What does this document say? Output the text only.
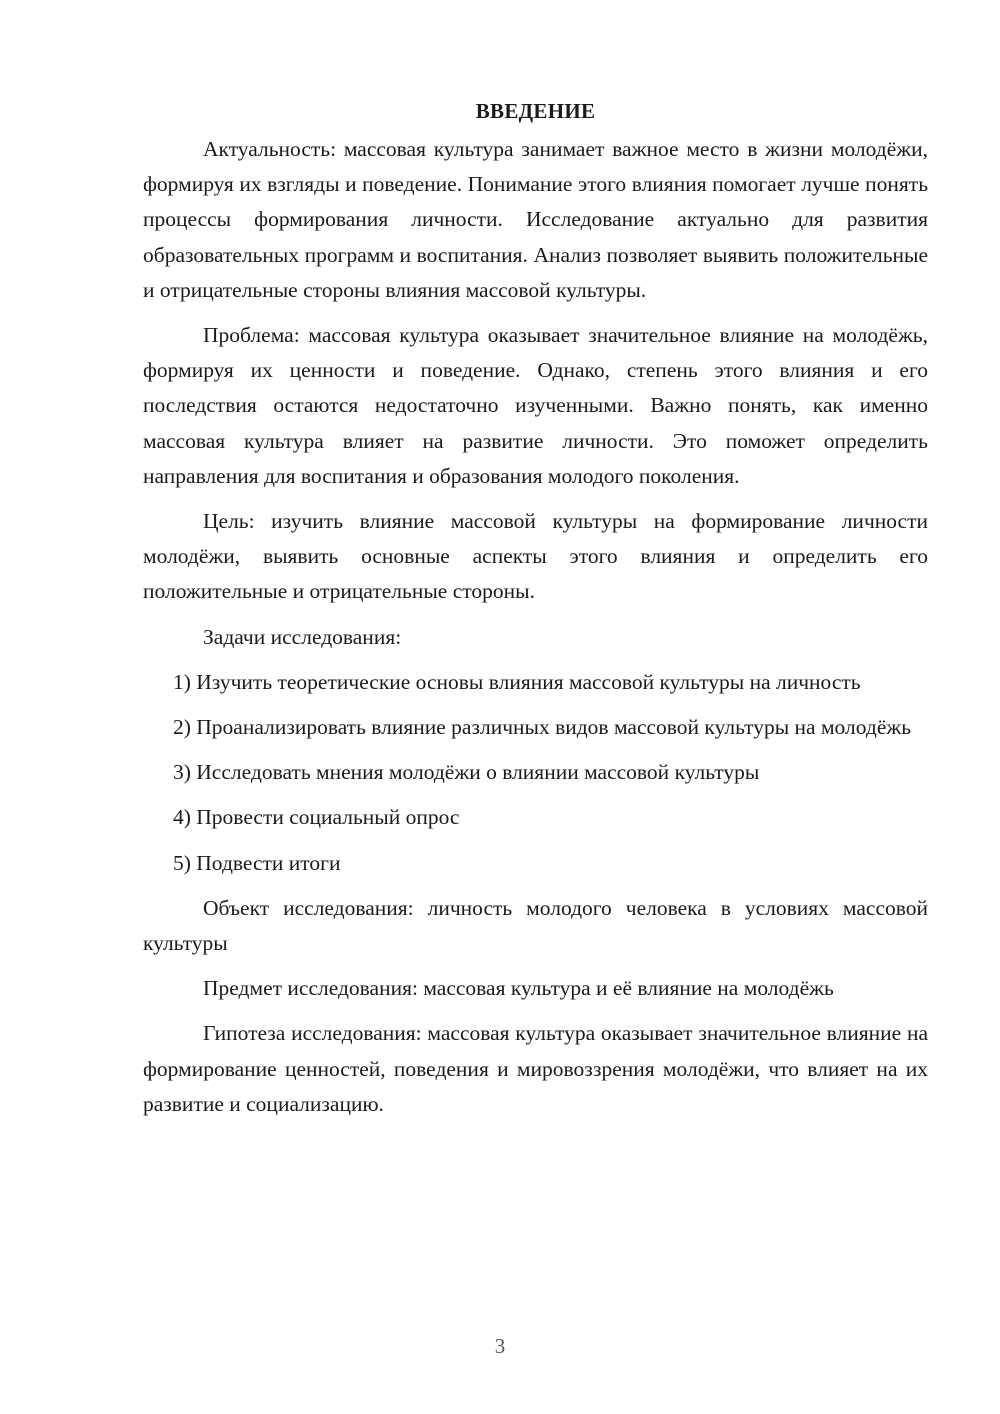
ВВЕДЕНИЕ

Актуальность: массовая культура занимает важное место в жизни молодёжи, формируя их взгляды и поведение. Понимание этого влияния помогает лучше понять процессы формирования личности. Исследование актуально для развития образовательных программ и воспитания. Анализ позволяет выявить положительные и отрицательные стороны влияния массовой культуры.

Проблема: массовая культура оказывает значительное влияние на молодёжь, формируя их ценности и поведение. Однако, степень этого влияния и его последствия остаются недостаточно изученными. Важно понять, как именно массовая культура влияет на развитие личности. Это поможет определить направления для воспитания и образования молодого поколения.

Цель: изучить влияние массовой культуры на формирование личности молодёжи, выявить основные аспекты этого влияния и определить его положительные и отрицательные стороны.

Задачи исследования:

1) Изучить теоретические основы влияния массовой культуры на личность

2) Проанализировать влияние различных видов массовой культуры на молодёжь

3) Исследовать мнения молодёжи о влиянии массовой культуры

4) Провести социальный опрос

5) Подвести итоги

Объект исследования: личность молодого человека в условиях массовой культуры

Предмет исследования: массовая культура и её влияние на молодёжь

Гипотеза исследования: массовая культура оказывает значительное влияние на формирование ценностей, поведения и мировоззрения молодёжи, что влияет на их развитие и социализацию.

3
